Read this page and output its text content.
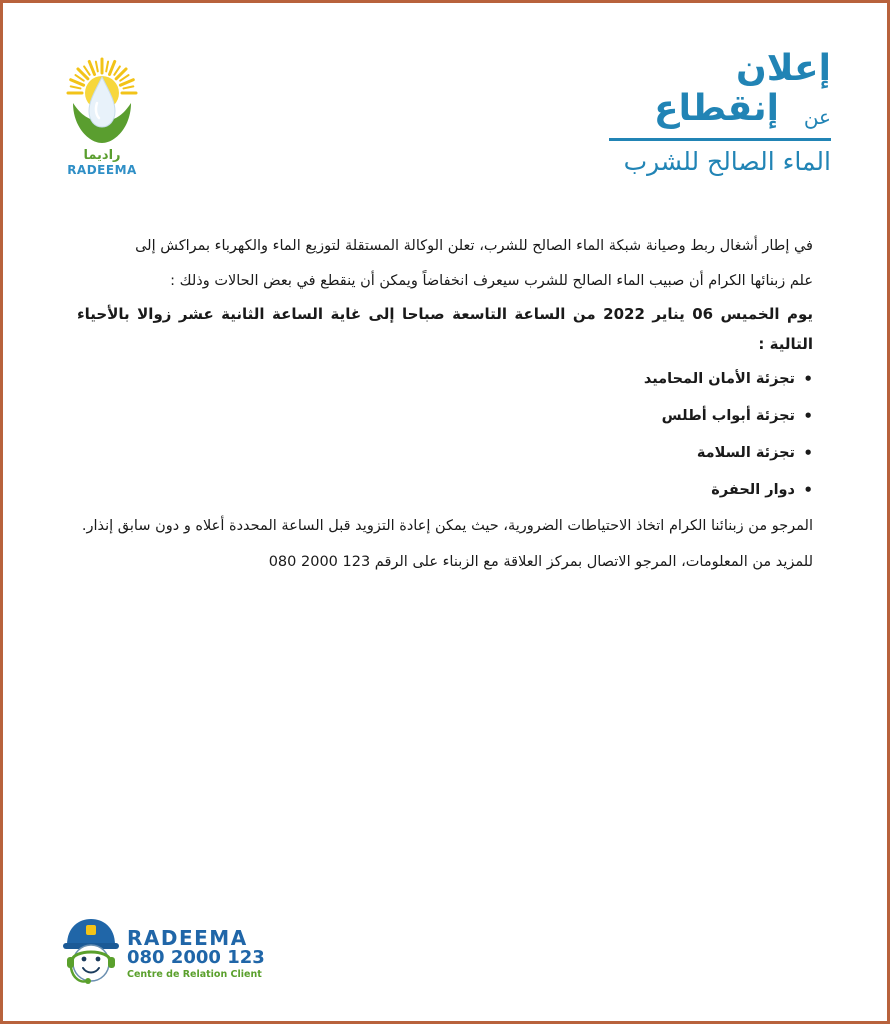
راديما
RADEEMA
إعلان
إنقطاع عن
الماء الصالح للشرب

في إطار أشغال ربط وصيانة شبكة الماء الصالح للشرب، تعلن الوكالة المستقلة لتوزيع الماء والكهرباء بمراكش إلى
علم زبنائها الكرام أن صبيب الماء الصالح للشرب سيعرف انخفاضاً ويمكن أن ينقطع في بعض الحالات وذلك :

يوم الخميس 06 يناير 2022 من الساعة التاسعة صباحا إلى غاية الساعة الثانية عشر زوالا بالأحياء التالية :

• تجزئة الأمان المحاميد
• تجزئة أبواب أطلس
• تجزئة السلامة
• دوار الحفرة

المرجو من زبنائنا الكرام اتخاذ الاحتياطات الضرورية، حيث يمكن إعادة التزويد قبل الساعة المحددة أعلاه و دون سابق إنذار.

للمزيد من المعلومات، المرجو الاتصال بمركز العلاقة مع الزبناء على الرقم 123 2000 080

RADEEMA
080 2000 123
Centre de Relation Client
